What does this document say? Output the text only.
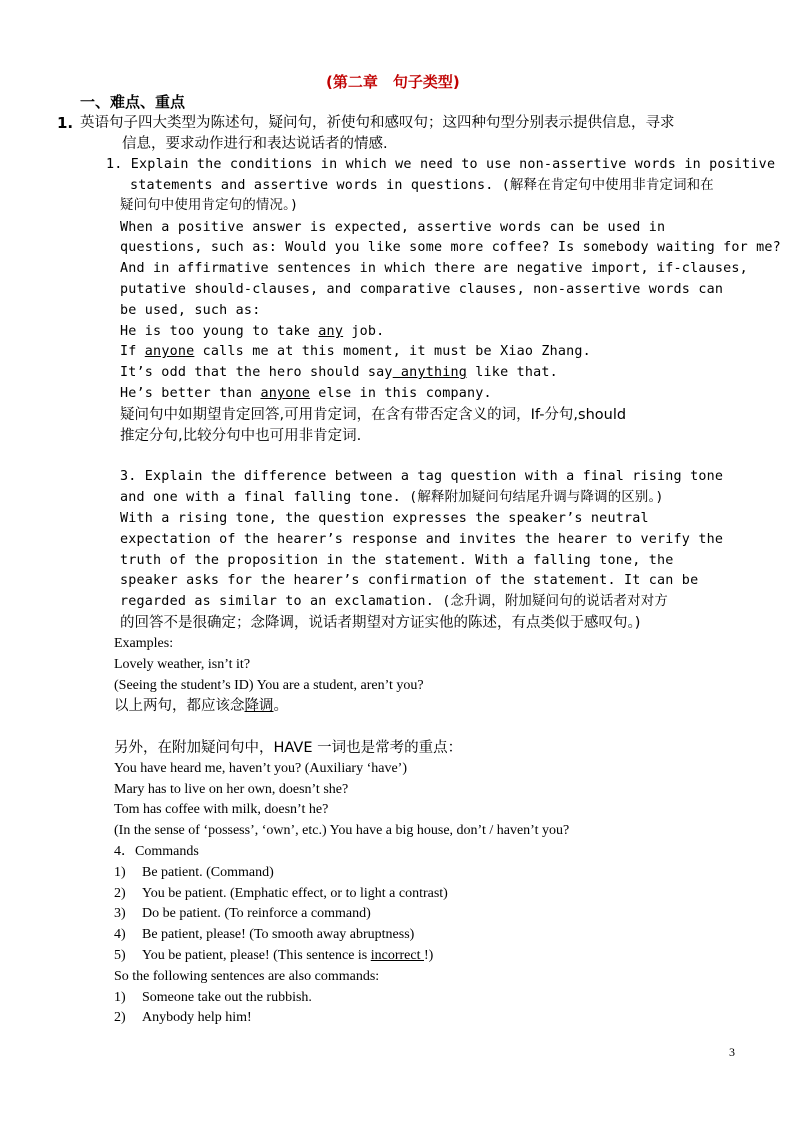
(第二章　句子类型)
一、难点、重点
1. 英语句子四大类型为陈述句，疑问句，祈使句和感叹句；这四种句型分别表示提供信息，寻求
信息，要求动作进行和表达说话者的情感.
1. Explain the conditions in which we need to use non-assertive words in positive
statements and assertive words in questions. (解释在肯定句中使用非肯定词和在
疑问句中使用肯定句的情况。)
When a positive answer is expected, assertive words can be used in
questions, such as: Would you like some more coffee? Is somebody waiting for me?
And in affirmative sentences in which there are negative import, if-clauses,
putative should-clauses, and comparative clauses, non-assertive words can
be used, such as:
He is too young to take any job.
If anyone calls me at this moment, it must be Xiao Zhang.
It’s odd that the hero should say anything like that.
He’s better than anyone else in this company.
疑问句中如期望肯定回答,可用肯定词，在含有带否定含义的词，If-分句,should
推定分句,比较分句中也可用非肯定词.
3. Explain the difference between a tag question with a final rising tone
and one with a final falling tone. (解释附加疑问句结尾升调与降调的区别。)
With a rising tone, the question expresses the speaker’s neutral
expectation of the hearer’s response and invites the hearer to verify the
truth of the proposition in the statement. With a falling tone, the
speaker asks for the hearer’s confirmation of the statement. It can be
regarded as similar to an exclamation. (念升调，附加疑问句的说话者对对方
的回答不是很确定；念降调，说话者期望对方证实他的陈述，有点类似于感叹句。)
Examples:
Lovely weather, isn’t it?
(Seeing the student’s ID) You are a student, aren’t you?
以上两句，都应该念降调。
另外，在附加疑问句中，HAVE 一词也是常考的重点：
You have heard me, haven’t you? (Auxiliary ‘have’)
Mary has to live on her own, doesn’t she?
Tom has coffee with milk, doesn’t he?
(In the sense of ‘possess’, ‘own’, etc.) You have a big house, don’t / haven’t you?
4．Commands
1) Be patient. (Command)
2) You be patient. (Emphatic effect, or to light a contrast)
3) Do be patient. (To reinforce a command)
4) Be patient, please! (To smooth away abruptness)
5) You be patient, please! (This sentence is incorrect !)
So the following sentences are also commands:
1) Someone take out the rubbish.
2) Anybody help him!
3
